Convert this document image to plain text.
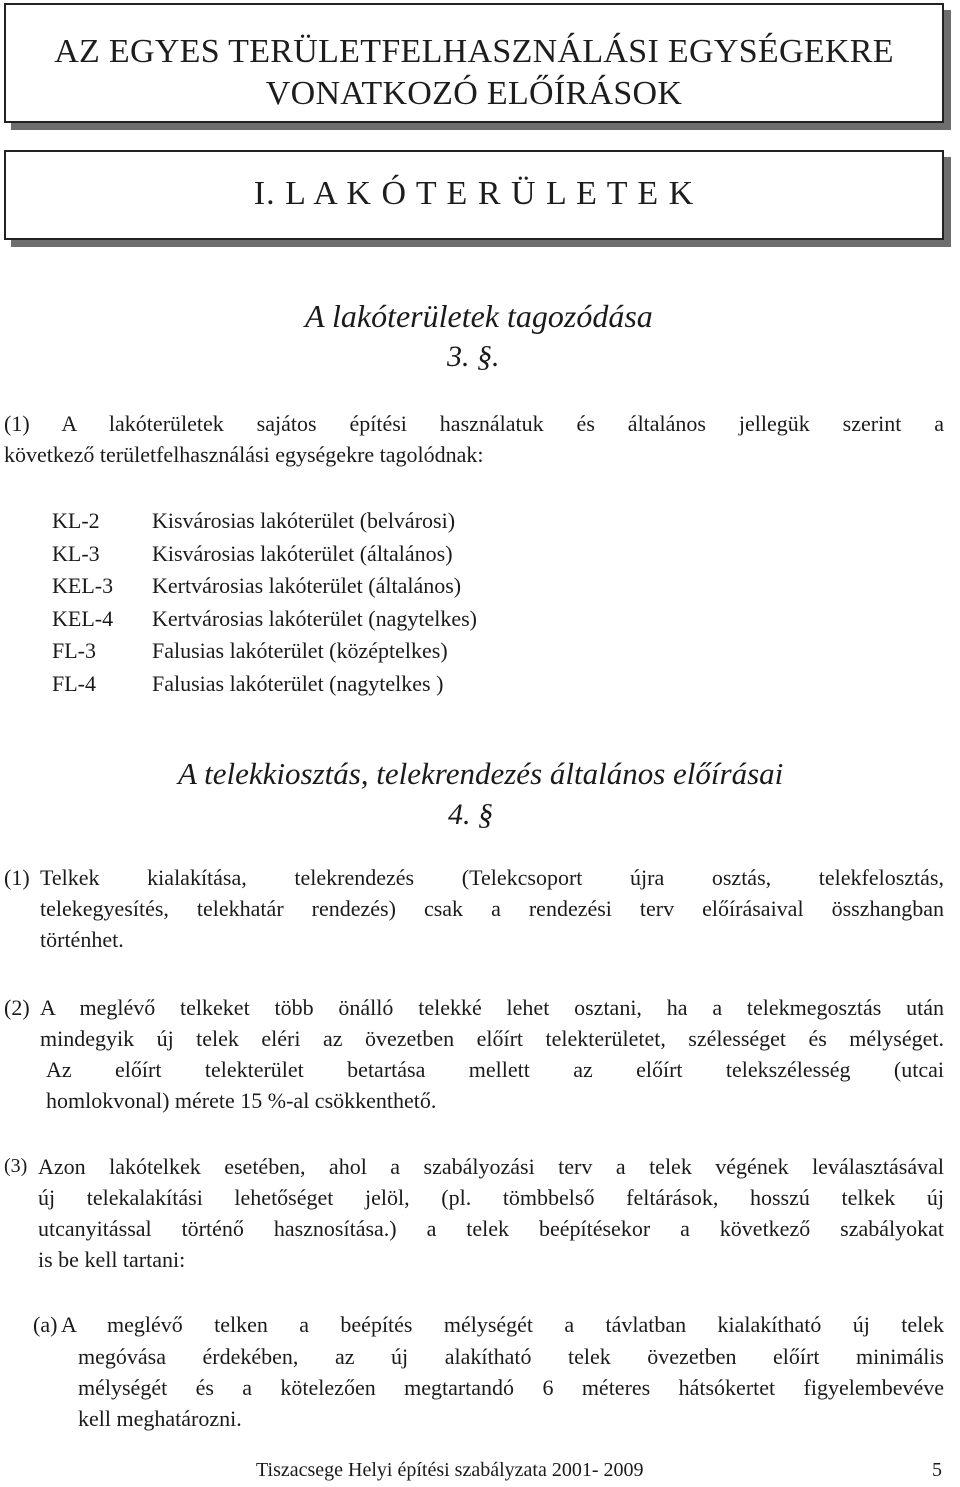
AZ EGYES TERÜLETFELHASZNÁLÁSI EGYSÉGEKRE
VONATKOZÓ ELŐÍRÁSOK
I. L A K Ó T E R Ü L E T E K
A lakóterületek tagozódása
3. §.
(1) A lakóterületek sajátos építési használatuk és általános jellegük szerint a
következő területfelhasználási egységekre tagolódnak:
KL-2	Kisvárosias lakóterület (belvárosi)
KL-3	Kisvárosias lakóterület (általános)
KEL-3	Kertvárosias lakóterület (általános)
KEL-4	Kertvárosias lakóterület (nagytelkes)
FL-3	Falusias lakóterület (középtelkes)
FL-4	Falusias lakóterület (nagytelkes )
A telekkiosztás, telekrendezés általános előírásai
4. §
(1) Telkek kialakítása, telekrendezés (Telekcsoport újra osztás, telekfelosztás,
telekegyesítés, telekhatár rendezés) csak a rendezési terv előírásaival összhangban
történhet.
(2) A meglévő telkeket több önálló telekké lehet osztani, ha a telekmegosztás után
mindegyik új telek eléri az övezetben előírt telekterületet, szélességet és mélységet.
Az előírt telekterület betartása mellett az előírt telekszélesség (utcai
homlokvonal) mérete 15 %-al csökkenthető.
(3) Azon lakótelkek esetében, ahol a szabályozási terv a telek végének leválasztásával
új telekalakítási lehetőséget jelöl, (pl. tömbbelső feltárások, hosszú telkek új
utcanyitással történő hasznosítása.) a telek beépítésekor a következő szabályokat
is be kell tartani:
(a) A meglévő telken a beépítés mélységét a távlatban kialakítható új telek
megóvása érdekében, az új alakítható telek övezetben előírt minimális
mélységét és a kötelezően megtartandó 6 méteres hátsókertet figyelembevéve
kell meghatározni.
Tiszacsege Helyi építési szabályzata 2001- 2009	5
